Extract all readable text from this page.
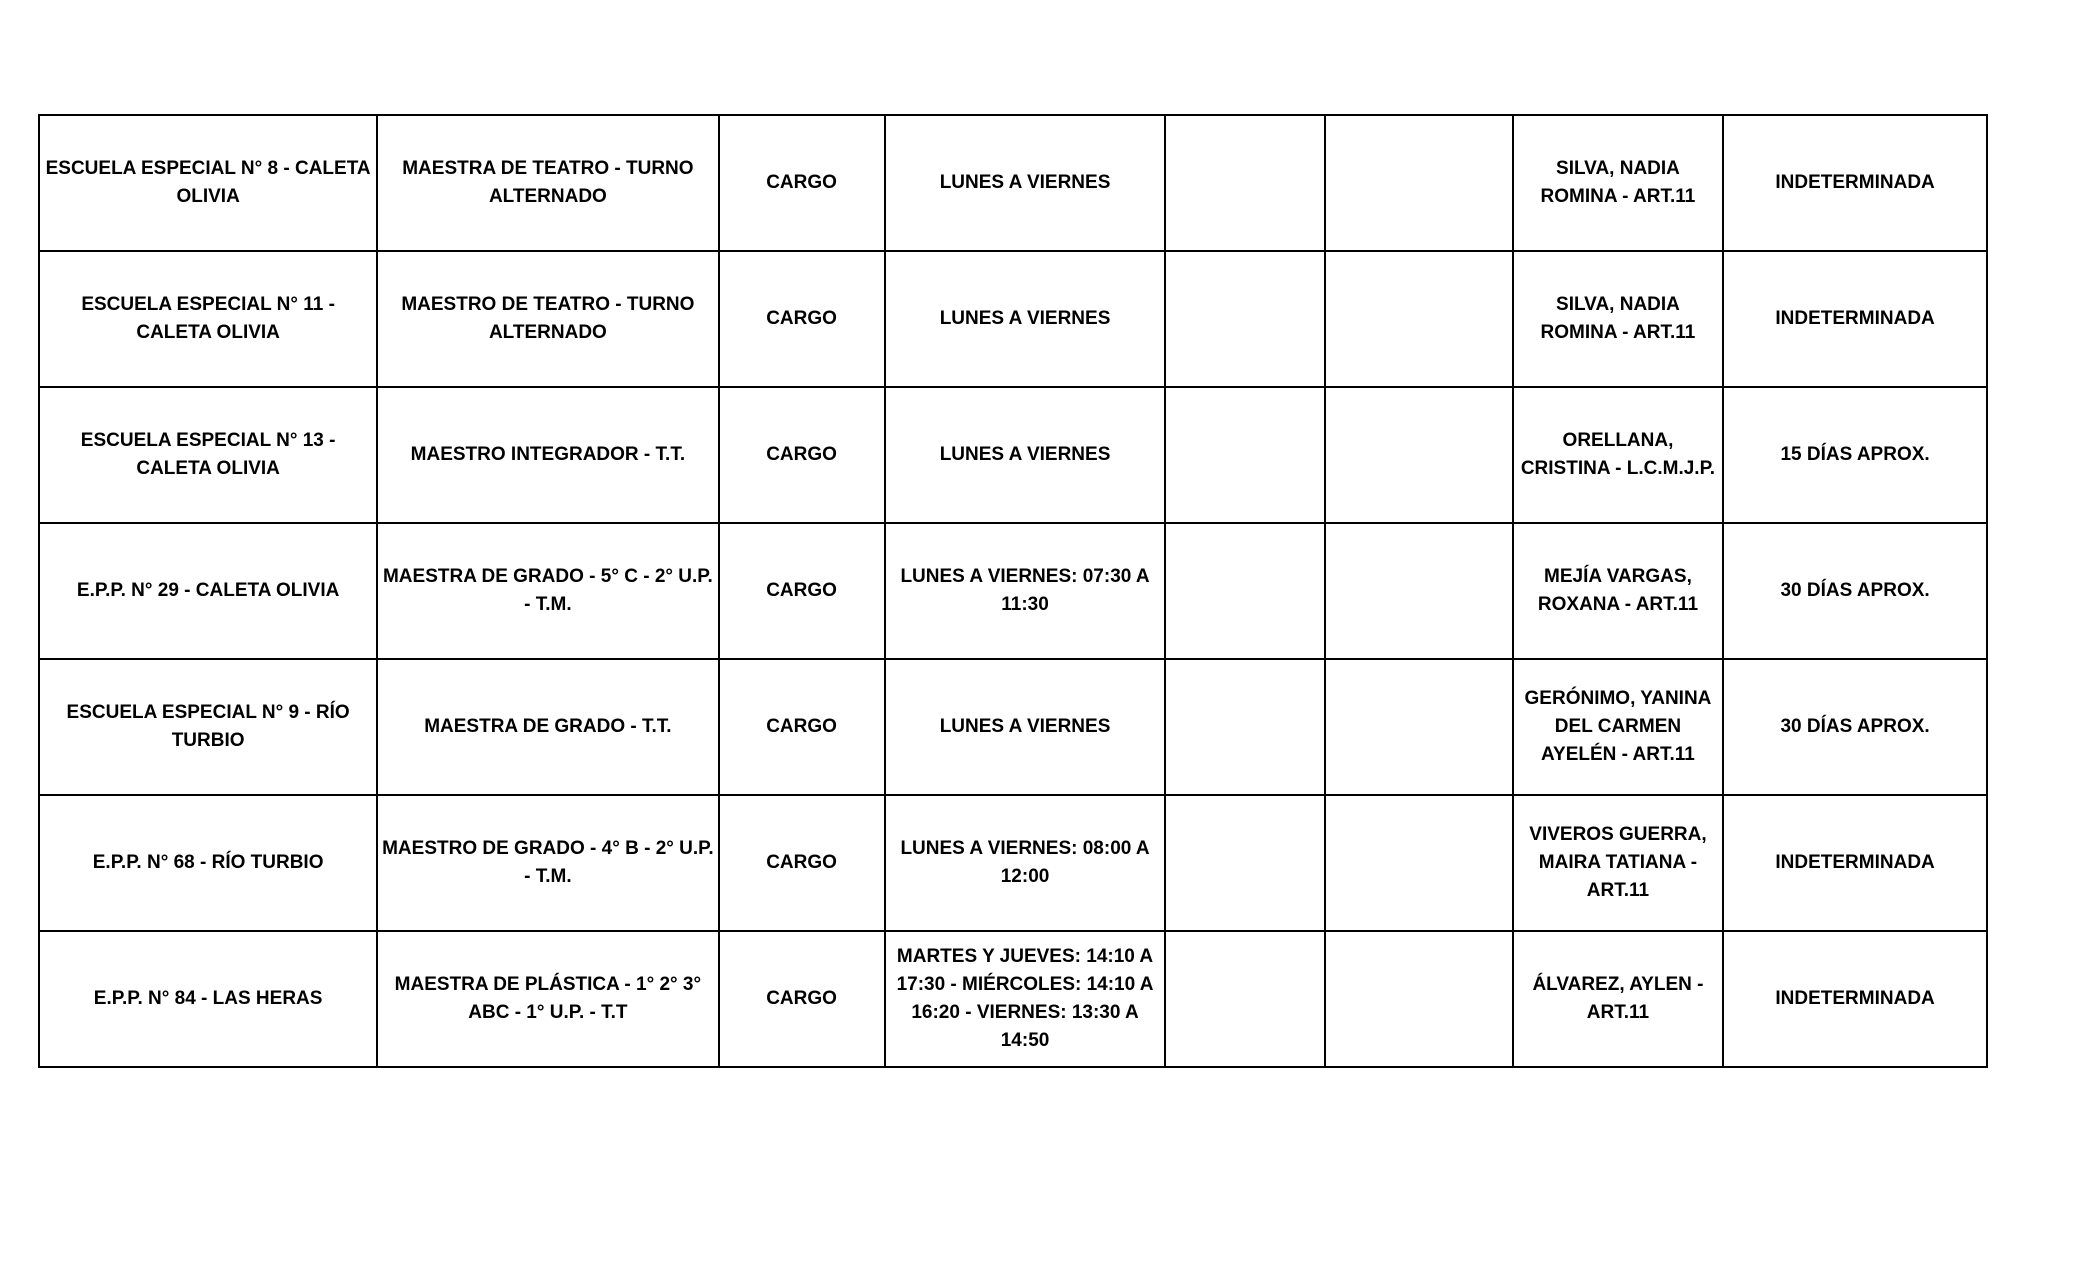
ESCUELA ESPECIAL N° 8 - CALETA OLIVIA	MAESTRA DE TEATRO - TURNO ALTERNADO	CARGO	LUNES A VIERNES			SILVA, NADIA ROMINA - ART.11	INDETERMINADA
ESCUELA ESPECIAL N° 11 - CALETA OLIVIA	MAESTRO DE TEATRO - TURNO ALTERNADO	CARGO	LUNES A VIERNES			SILVA, NADIA ROMINA - ART.11	INDETERMINADA
ESCUELA ESPECIAL N° 13 - CALETA OLIVIA	MAESTRO INTEGRADOR - T.T.	CARGO	LUNES A VIERNES			ORELLANA, CRISTINA - L.C.M.J.P.	15 DÍAS APROX.
E.P.P. N° 29 - CALETA OLIVIA	MAESTRA DE GRADO - 5° C - 2° U.P. - T.M.	CARGO	LUNES A VIERNES: 07:30 A 11:30			MEJÍA VARGAS, ROXANA - ART.11	30 DÍAS APROX.
ESCUELA ESPECIAL N° 9 - RÍO TURBIO	MAESTRA DE GRADO - T.T.	CARGO	LUNES A VIERNES			GERÓNIMO, YANINA DEL CARMEN AYELÉN - ART.11	30 DÍAS APROX.
E.P.P. N° 68 - RÍO TURBIO	MAESTRO DE GRADO - 4° B - 2° U.P. - T.M.	CARGO	LUNES A VIERNES: 08:00 A 12:00			VIVEROS GUERRA, MAIRA TATIANA - ART.11	INDETERMINADA
E.P.P. N° 84 - LAS HERAS	MAESTRA DE PLÁSTICA - 1° 2° 3° ABC - 1° U.P. - T.T	CARGO	MARTES Y JUEVES: 14:10 A 17:30 - MIÉRCOLES: 14:10 A 16:20 - VIERNES: 13:30 A 14:50			ÁLVAREZ, AYLEN - ART.11	INDETERMINADA
